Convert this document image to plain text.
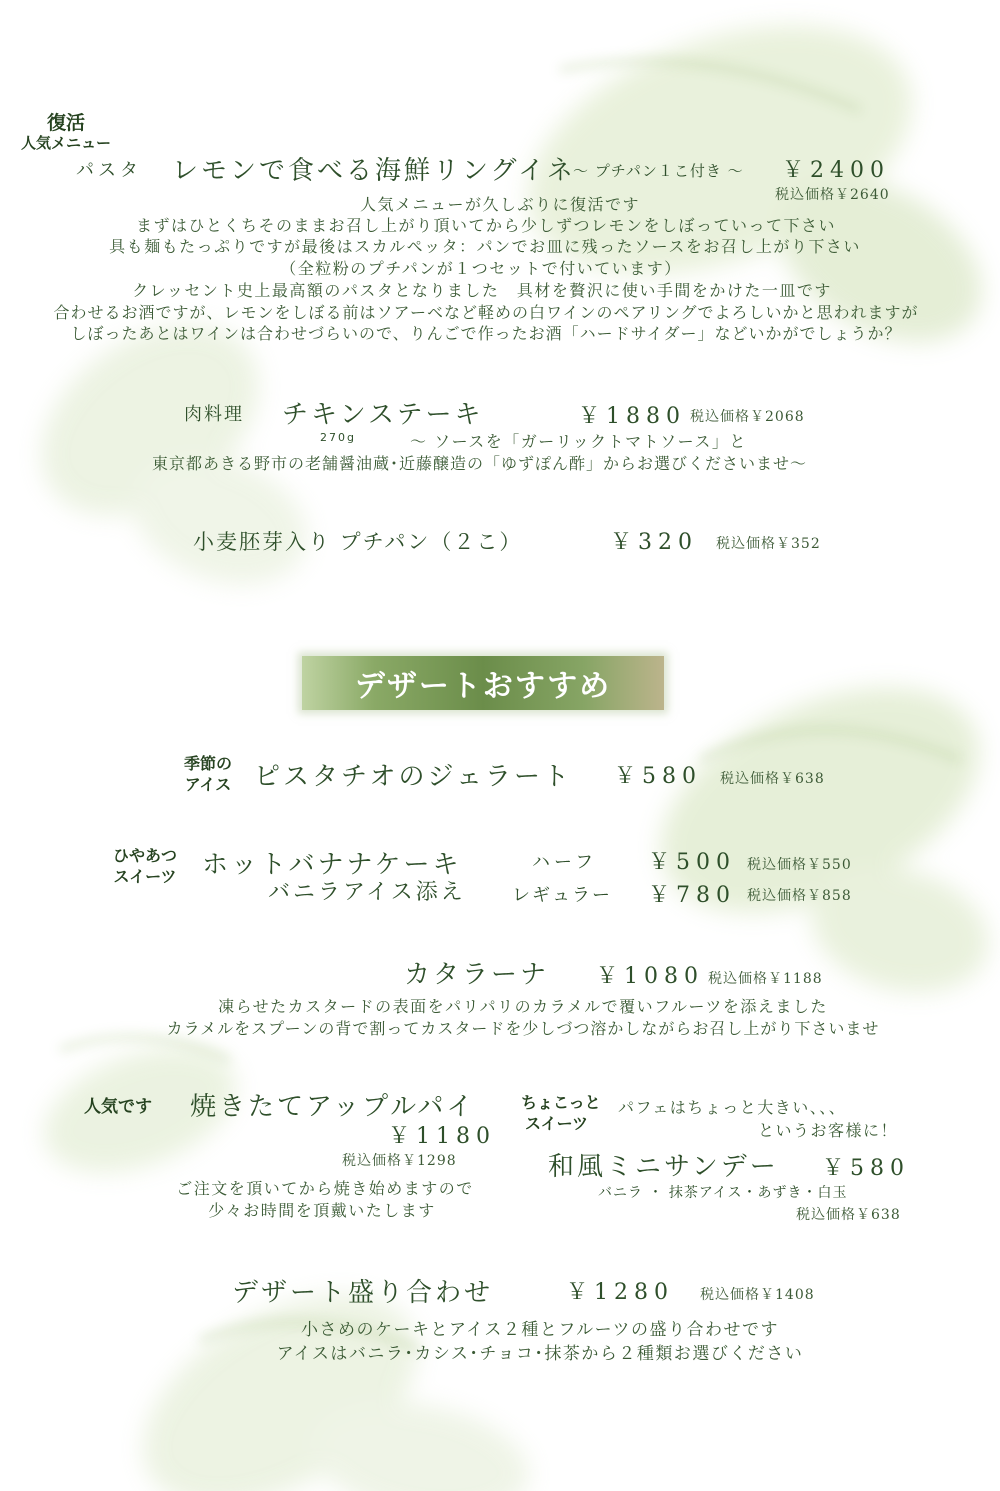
復活
人気メニュー
パスタ レモンで食べる海鮮リングイネ
～ プチパン１こ付き ～ ￥2400
税込価格￥2640
人気メニューが久しぶりに復活です
まずはひとくちそのままお召し上がり頂いてから少しずつレモンをしぼっていって下さい
具も麺もたっぷりですが最後はスカルペッタ：パンでお皿に残ったソースをお召し上がり下さい
（全粒粉のプチパンが１つセットで付いています）
クレッセント史上最高額のパスタとなりました　具材を贅沢に使い手間をかけた一皿です
合わせるお酒ですが、レモンをしぼる前はソアーベなど軽めの白ワインのペアリングでよろしいかと思われますが
しぼったあとはワインは合わせづらいので、りんごで作ったお酒「ハードサイダー」などいかがでしょうか？
肉料理 チキンステーキ	￥1880 税込価格￥2068
270g	～ ソースを「ガーリックトマトソース」と
東京都あきる野市の老舗醤油蔵･近藤醸造の「ゆずぽん酢」からお選びくださいませ～
小麦胚芽入り プチパン（２こ）	￥320 税込価格￥352
デザートおすすめ
季節の
アイス ピスタチオのジェラート ￥580 税込価格￥638
ひやあつ
スイーツ ホットバナナケーキ
バニラアイス添え
ハーフ ￥500 税込価格￥550
レギュラー ￥780 税込価格￥858
カタラーナ ￥1080 税込価格￥1188
凍らせたカスタードの表面をパリパリのカラメルで覆いフルーツを添えました
カラメルをスプーンの背で割ってカスタードを少しづつ溶かしながらお召し上がり下さいませ
人気です 焼きたてアップルパイ
￥1180
税込価格￥1298
ご注文を頂いてから焼き始めますので
少々お時間を頂戴いたします
ちょこっと
スイーツ
パフェはちょっと大きい、、、
というお客様に！
和風ミニサンデー ￥580
バニラ ・ 抹茶アイス・あずき・白玉
税込価格￥638
デザート盛り合わせ	￥1280 税込価格￥1408
小さめのケーキとアイス２種とフルーツの盛り合わせです
アイスはバニラ･カシス･チョコ･抹茶から２種類お選びください
